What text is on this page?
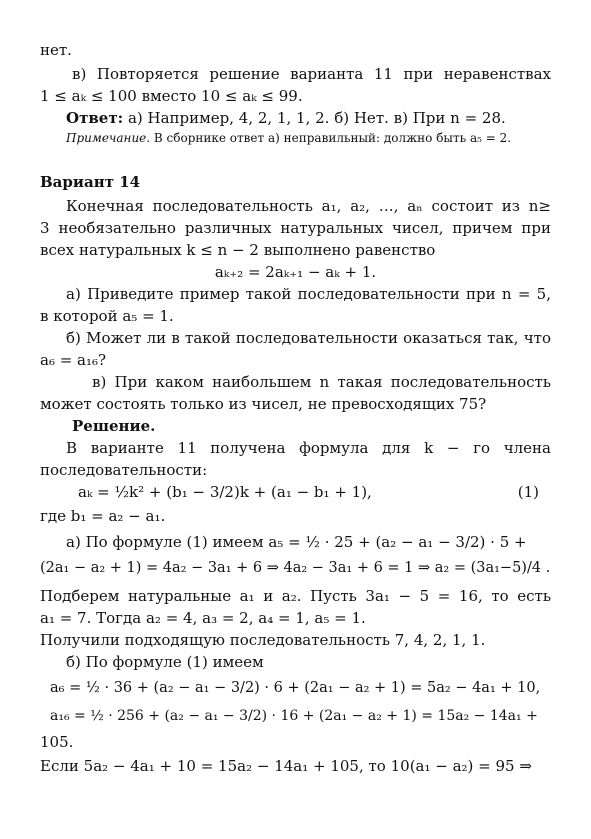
нет.
в) Повторяется решение варианта 11 при неравенствах
1 ≤ aₖ ≤ 100 вместо 10 ≤ aₖ ≤ 99.
Ответ: а) Например, 4, 2, 1, 1, 2. б) Нет. в) При n = 28.
Примечание. В сборнике ответ а) неправильный: должно быть a₅ = 2.
Вариант 14
Конечная последовательность a₁, a₂, …, aₙ состоит из n≥
3 необязательно различных натуральных чисел, причем при
всех натуральных k ≤ n − 2 выполнено равенство
aₖ₊₂ = 2aₖ₊₁ − aₖ + 1.
а) Приведите пример такой последовательности при n = 5,
в которой a₅ = 1.
б) Может ли в такой последовательности оказаться так, что
a₆ = a₁₆?
в) При каком наибольшем n такая последовательность
может состоять только из чисел, не превосходящих 75?
Решение.
В варианте 11 получена формула для k − го члена
последовательности:
aₖ = ½k² + (b₁ − 3/2)k + (a₁ − b₁ + 1),	(1)
где b₁ = a₂ − a₁.
а) По формуле (1) имеем a₅ = ½ · 25 + (a₂ − a₁ − 3/2) · 5 +
(2a₁ − a₂ + 1) = 4a₂ − 3a₁ + 6 ⇒ 4a₂ − 3a₁ + 6 = 1 ⇒ a₂ = (3a₁−5)/4 .
Подберем натуральные a₁ и a₂. Пусть 3a₁ − 5 = 16, то есть
a₁ = 7. Тогда a₂ = 4, a₃ = 2, a₄ = 1, a₅ = 1.
Получили подходящую последовательность 7, 4, 2, 1, 1.
б) По формуле (1) имеем
a₆ = ½ · 36 + (a₂ − a₁ − 3/2) · 6 + (2a₁ − a₂ + 1) = 5a₂ − 4a₁ + 10,
a₁₆ = ½ · 256 + (a₂ − a₁ − 3/2) · 16 + (2a₁ − a₂ + 1) = 15a₂ − 14a₁ +
105.
Если 5a₂ − 4a₁ + 10 = 15a₂ − 14a₁ + 105, то 10(a₁ − a₂) = 95 ⇒
